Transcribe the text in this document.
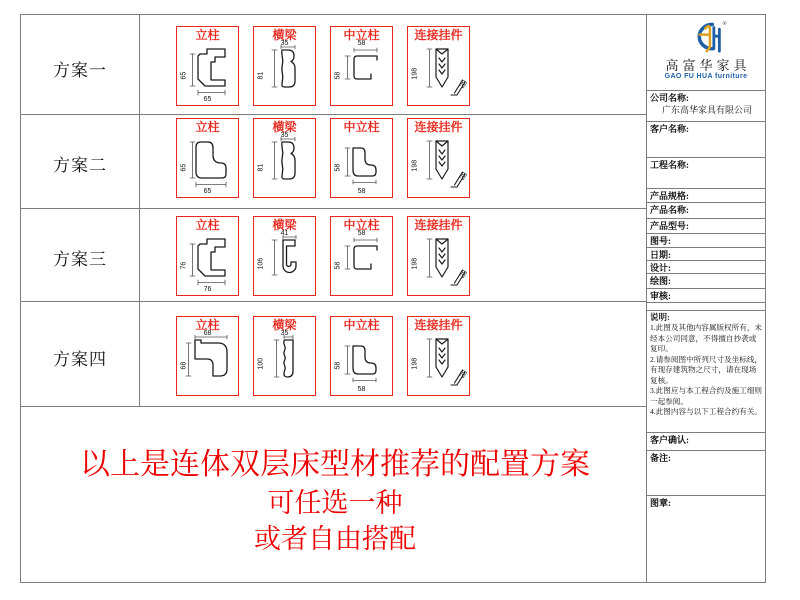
方案一
方案二
方案三
方案四
立柱
65
65
横梁
35
81
中立柱
58
58
连接挂件
198
28
立柱
65
65
横梁
35
81
中立柱
58
58
连接挂件
198
28
立柱
76
76
横梁
41
106
中立柱
58
58
连接挂件
198
28
立柱
68
68
横梁
35
100
中立柱
58
58
连接挂件
198
28
以上是连体双层床型材推荐的配置方案
可任选一种
或者自由搭配
®
高富华家具
GAO FU HUA furniture
公司名称:
广东高华家具有限公司
客户名称:
工程名称:
产品规格:
产品名称:
产品型号:
图号:
日期:
设计:
绘图:
审核:
说明:
1.此图及其他内容属版权所有，未经本公司同意，不得擅自抄袭或复印。
2.请参阅图中所列尺寸及坐标线，有现存建筑物之尺寸，请在现场复核。
3.此图应与本工程合约及施工细则一起参阅。
4.此图内容与以下工程合约有关。
客户确认:
备注:
图章:
